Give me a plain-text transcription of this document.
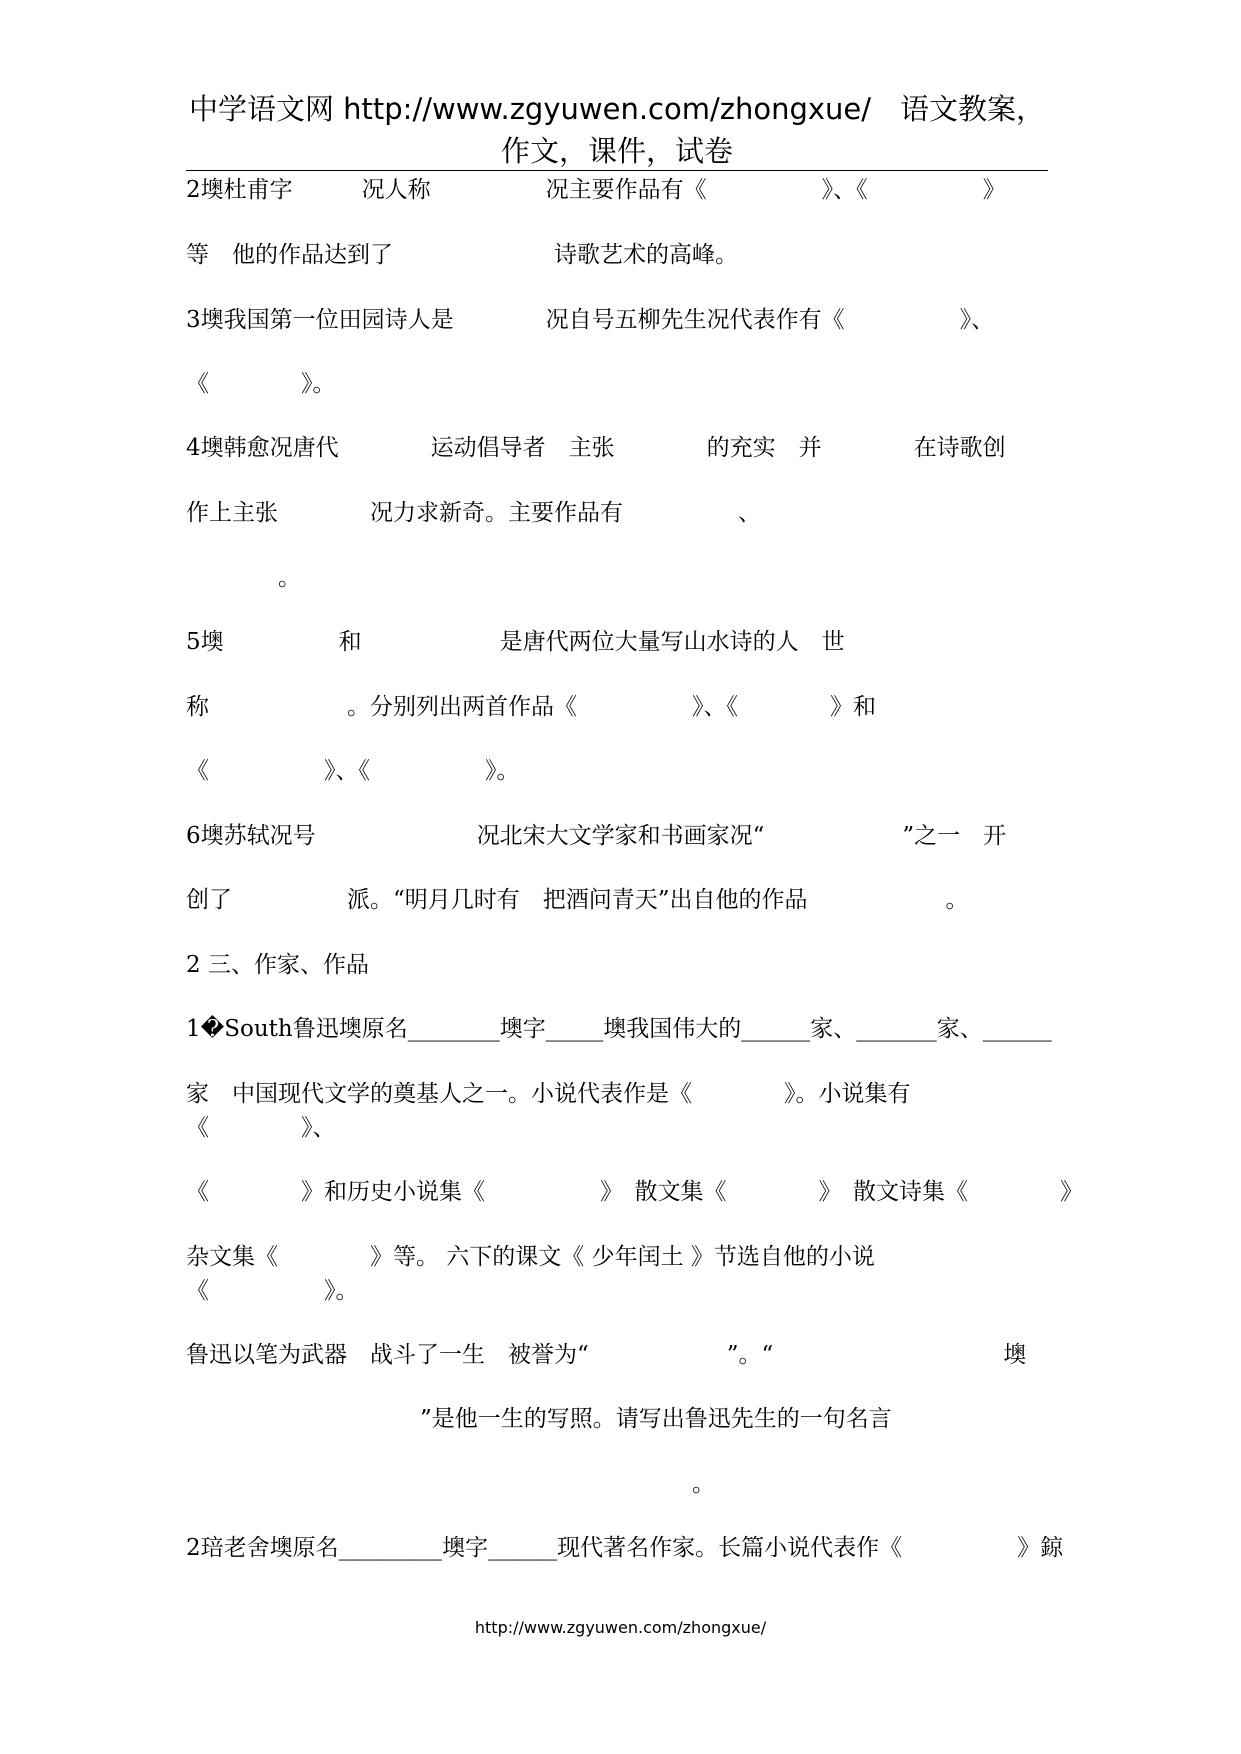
中学语文网 http://www.zgyuwen.com/zhongxue/　语文教案，作文，课件，试卷
2墺杜甫字　　　况人称　　　　　况主要作品有《　　　　　》、《　　　　　》
等　他的作品达到了　　　　　　　诗歌艺术的高峰。
3墺我国第一位田园诗人是　　　　况自号五柳先生况代表作有《　　　　　》、
《　　　　》。
4墺韩愈况唐代　　　　运动倡导者　主张　　　　的充实　并　　　　在诗歌创
作上主张　　　　况力求新奇。主要作品有　　　　　、
　　　　。
5墺　　　　　和　　　　　　是唐代两位大量写山水诗的人　世
称　　　　　　。分别列出两首作品《　　　　　》、《　　　　》和
《　　　　　》、《　　　　　》。
6墺苏轼况号　　　　　　　况北宋大文学家和书画家况“　　　　　　”之一　开
创了　　　　　派。“明月几时有　把酒问青天”出自他的作品　　　　　　。
2 三、作家、作品
1�South鲁迅墺原名________墺字_____墺我国伟大的______家、_______家、______
家　中国现代文学的奠基人之一。小说代表作是《　　　　》。小说集有
《　　　　》、
《　　　　》和历史小说集《　　　　　》　散文集《　　　　》　散文诗集《　　　　》
杂文集《　　　　》等。 六下的课文《 少年闰土 》节选自他的小说
《　　　　　》。
鲁迅以笔为武器　战斗了一生　被誉为“　　　　　　”。“　　　　　　　　　　墺
”是他一生的写照。请写出鲁迅先生的一句名言
。
2琣老舍墺原名_________墺字______现代著名作家。长篇小说代表作《　　　　　》鍄
http://www.zgyuwen.com/zhongxue/
